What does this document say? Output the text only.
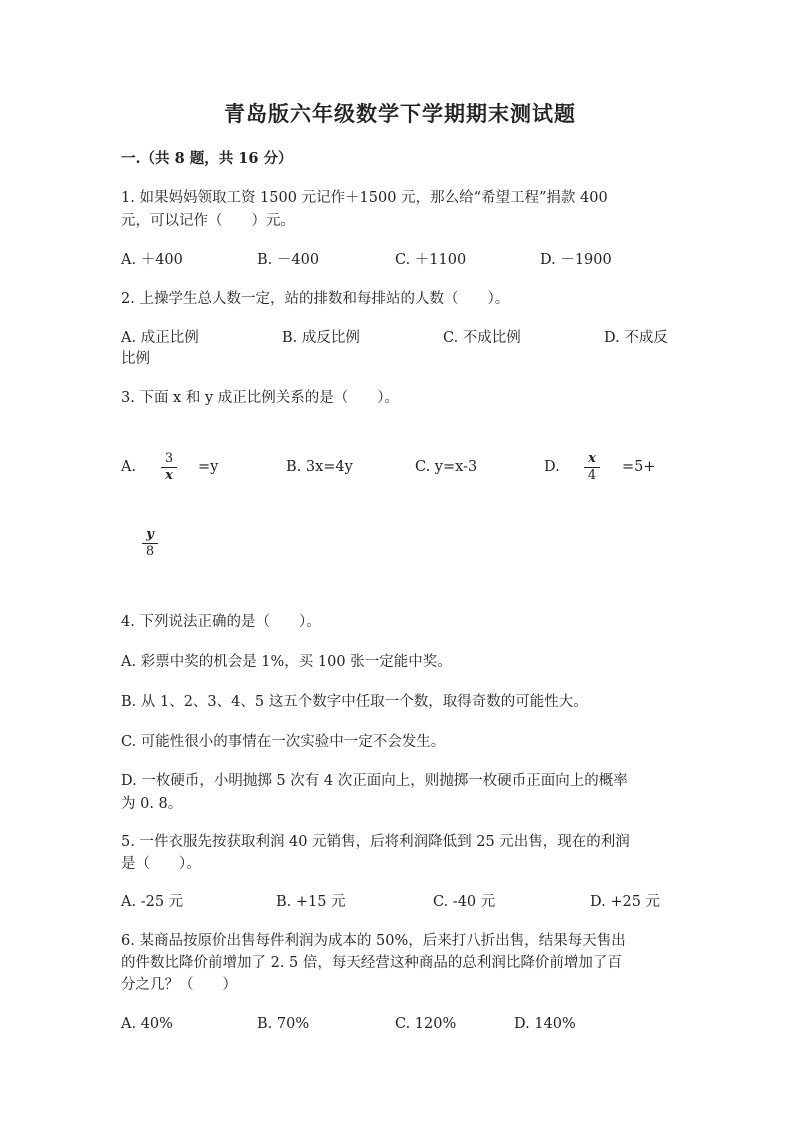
青岛版六年级数学下学期期末测试题
一.（共 8 题，共 16 分）
1. 如果妈妈领取工资 1500 元记作＋1500 元，那么给“希望工程”捐款 400
元，可以记作（　　）元。
A. ＋400	B. －400	C. ＋1100	D. －1900
2. 上操学生总人数一定，站的排数和每排站的人数（　　）。
A. 成正比例	B. 成反比例	C. 不成比例	D. 不成反
比例
3. 下面 x 和 y 成正比例关系的是（　　）。
A.
3
x
=y	B. 3x=4y	C. y=x-3	D.
x
4
=5+
y
8
4. 下列说法正确的是（　　）。
A. 彩票中奖的机会是 1%，买 100 张一定能中奖。
B. 从 1、2、3、4、5 这五个数字中任取一个数，取得奇数的可能性大。
C. 可能性很小的事情在一次实验中一定不会发生。
D. 一枚硬币，小明抛掷 5 次有 4 次正面向上，则抛掷一枚硬币正面向上的概率
为 0. 8。
5. 一件衣服先按获取利润 40 元销售，后将利润降低到 25 元出售，现在的利润
是（　　）。
A. -25 元	B. +15 元	C. -40 元	D. +25 元
6. 某商品按原价出售每件利润为成本的 50%，后来打八折出售，结果每天售出
的件数比降价前增加了 2. 5 倍，每天经营这种商品的总利润比降价前增加了百
分之几？（　　）
A. 40%	B. 70%	C. 120%	D. 140%
